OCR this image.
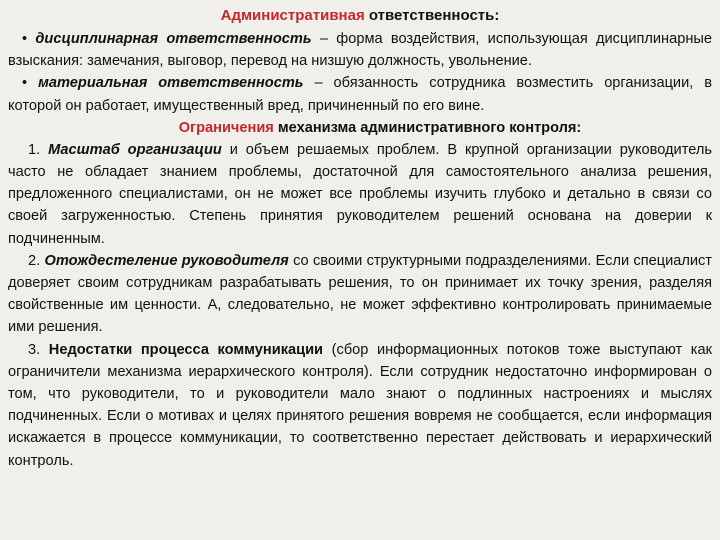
Административная ответственность:

• дисциплинарная ответственность – форма воздействия, использующая дисциплинарные взыскания: замечания, выговор, перевод на низшую должность, увольнение.

• материальная ответственность – обязанность сотрудника возместить организации, в которой он работает, имущественный вред, причиненный по его вине.

Ограничения механизма административного контроля:

1. Масштаб организации и объем решаемых проблем. В крупной организации руководитель часто не обладает знанием проблемы, достаточной для самостоятельного анализа решения, предложенного специалистами, он не может все проблемы изучить глубоко и детально в связи со своей загруженностью. Степень принятия руководителем решений основана на доверии к подчиненным.

2. Отождестеление руководителя со своими структурными подразделениями. Если специалист доверяет своим сотрудникам разрабатывать решения, то он принимает их точку зрения, разделяя свойственные им ценности. А, следовательно, не может эффективно контролировать принимаемые ими решения.

3. Недостатки процесса коммуникации (сбор информационных потоков тоже выступают как ограничители механизма иерархического контроля). Если сотрудник недостаточно информирован о том, что руководители, то и руководители мало знают о подлинных настроениях и мыслях подчиненных. Если о мотивах и целях принятого решения вовремя не сообщается, если информация искажается в процессе коммуникации, то соответственно перестает действовать и иерархический контроль.
